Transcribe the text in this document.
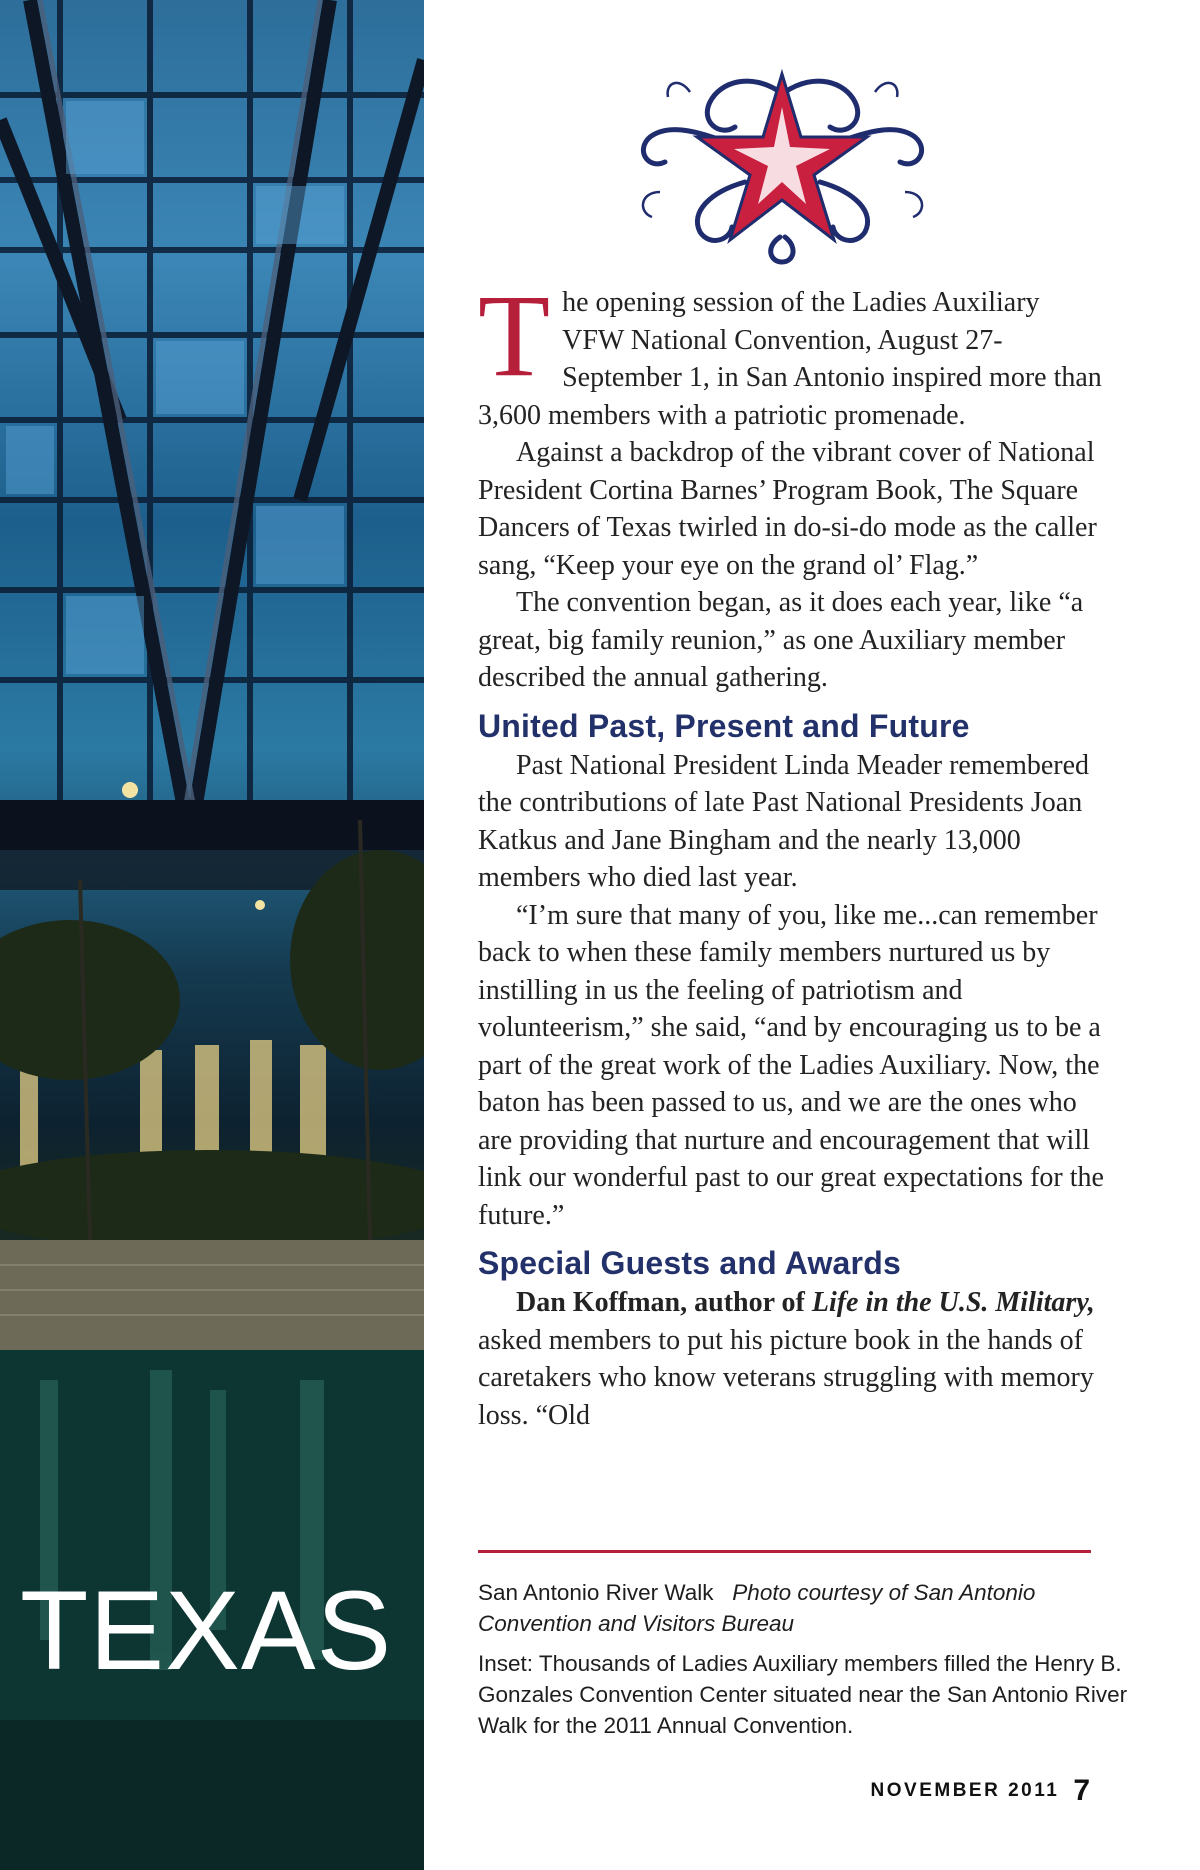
TEXAS

The opening session of the Ladies Auxiliary VFW National Convention, August 27-September 1, in San Antonio inspired more than 3,600 members with a patriotic promenade.

Against a backdrop of the vibrant cover of National President Cortina Barnes’ Program Book, The Square Dancers of Texas twirled in do-si-do mode as the caller sang, “Keep your eye on the grand ol’ Flag.”

The convention began, as it does each year, like “a great, big family reunion,” as one Auxiliary member described the annual gathering.

United Past, Present and Future

Past National President Linda Meader remembered the contributions of late Past National Presidents Joan Katkus and Jane Bingham and the nearly 13,000 members who died last year.

“I’m sure that many of you, like me...can remember back to when these family members nurtured us by instilling in us the feeling of patriotism and volunteerism,” she said, “and by encouraging us to be a part of the great work of the Ladies Auxiliary. Now, the baton has been passed to us, and we are the ones who are providing that nurture and encouragement that will link our wonderful past to our great expectations for the future.”

Special Guests and Awards

Dan Koffman, author of Life in the U.S. Military, asked members to put his picture book in the hands of caretakers who know veterans struggling with memory loss. “Old

San Antonio River Walk Photo courtesy of San Antonio Convention and Visitors Bureau

Inset: Thousands of Ladies Auxiliary members filled the Henry B. Gonzales Convention Center situated near the San Antonio River Walk for the 2011 Annual Convention.

NOVEMBER 2011 7
